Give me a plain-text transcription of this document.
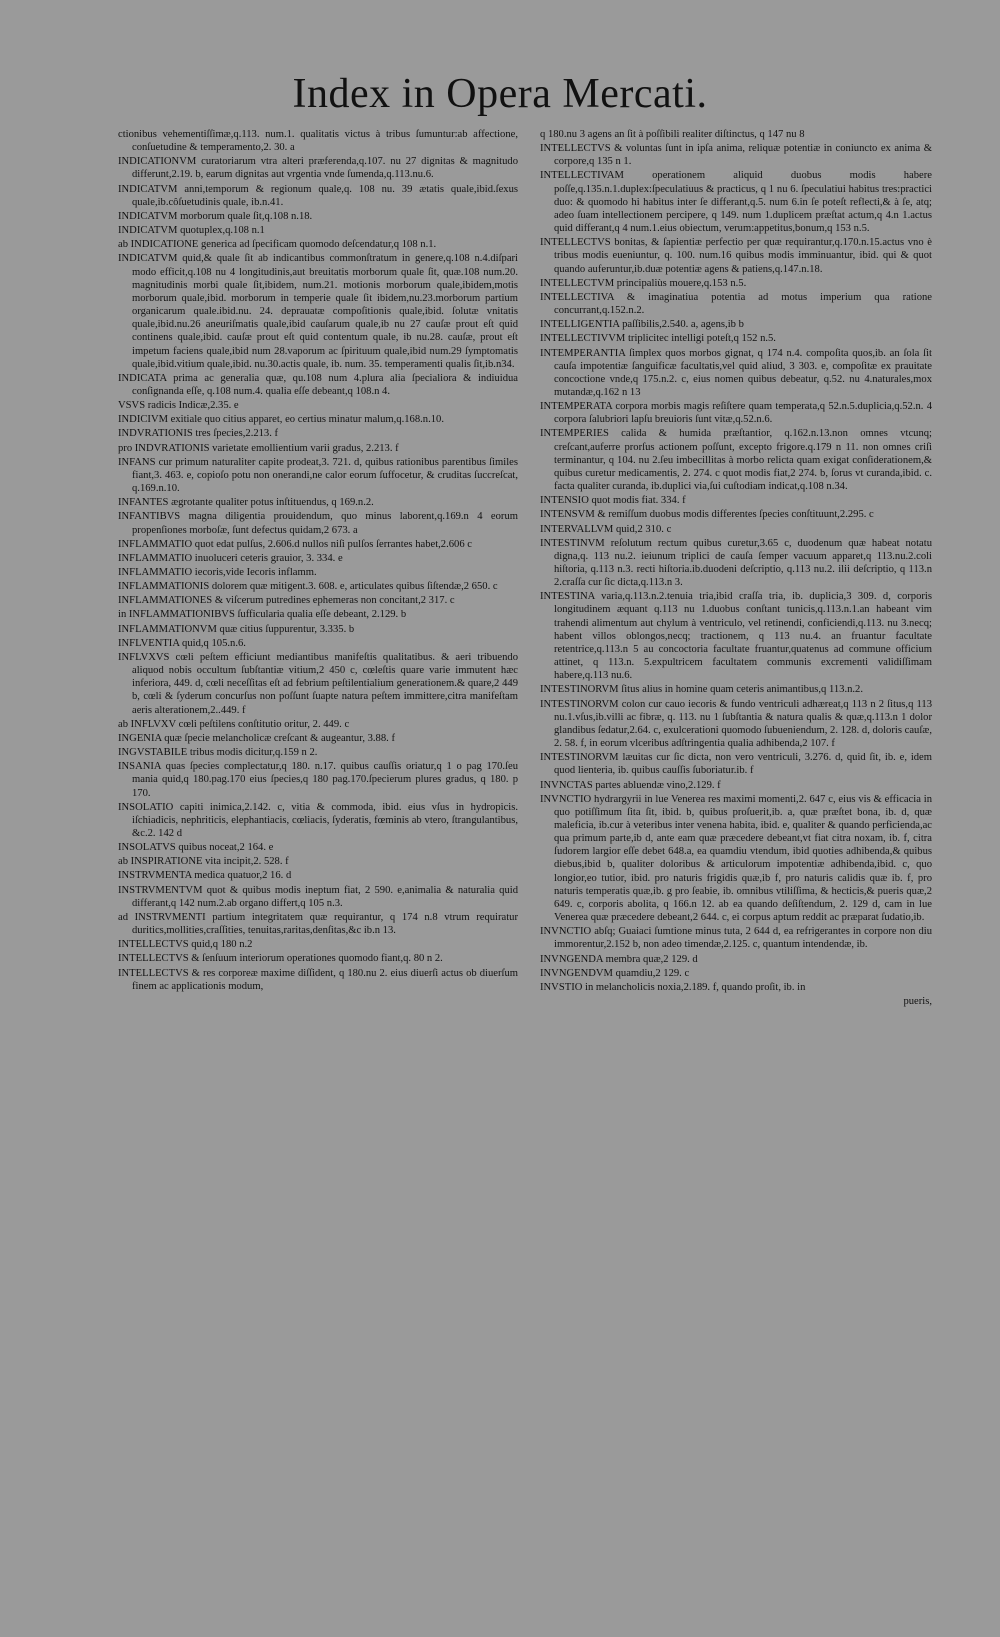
Index in Opera Mercati.
ctionibus vehementiſſimæ,q.113. num.1. qualitatis victus à tribus ſumuntur:ab affectione, conſuetudine & temperamento,2. 30. a
INDICATIONVM curatoriarum vtra alteri præferenda,q.107. nu 27 dignitas & magnitudo differunt,2.19. b, earum dignitas aut vrgentia vnde ſumenda,q.113.nu.6.
INDICATVM anni,temporum & regionum quale,q. 108 nu. 39 ætatis quale,ibid.ſexus quale,ib.côſuetudinis quale, ib.n.41.
INDICATVM morborum quale ſit,q.108 n.18.
INDICATVM quotuplex,q.108 n.1
ab INDICATIONE generica ad ſpecificam quomodo deſcendatur,q 108 n.1.
INDICATVM quid,& quale ſit ab indicantibus commonſtratum in genere,q.108 n.4.diſpari modo efficit,q.108 nu 4 longitudinis,aut breuitatis morborum quale ſit, quæ.108 num.20. magnitudinis morbi quale ſit,ibidem, num.21. motionis morborum quale,ibidem,motis morborum quale,ibid. morborum in temperie quale ſit ibidem,nu.23.morborum partium organicarum quale.ibid.nu. 24. deprauatæ compoſitionis quale,ibid. ſolutæ vnitatis quale,ibid.nu.26 aneuriſmatis quale,ibid cauſarum quale,ib nu 27 cauſæ prout eſt quid continens quale,ibid. cauſæ prout eſt quid contentum quale, ib nu.28. cauſæ, prout eſt impetum faciens quale,ibid num 28.vaporum ac ſpirituum quale,ibid num.29 ſymptomatis quale,ibid.vitium quale,ibid. nu.30.actis quale, ib. num. 35. temperamenti qualis ſit,ib.n34.
INDICATA prima ac generalia quæ, qu.108 num 4.plura alia ſpecialiora & indiuidua conſignanda eſſe, q.108 num.4. qualia eſſe debeant,q 108.n 4.
VSVS radicis Indicæ,2.35. e
INDICIVM exitiale quo citius apparet, eo certius minatur malum,q.168.n.10.
INDVRATIONIS tres ſpecies,2.213. f
pro INDVRATIONIS varietate emollientium varii gradus, 2.213. f
INFANS cur primum naturaliter capite prodeat,3. 721. d, quibus rationibus parentibus ſimiles fiant,3. 463. e, copioſo potu non onerandi,ne calor eorum ſuffocetur, & cruditas ſuccreſcat, q.169.n.10.
INFANTES ægrotante qualiter potus inſtituendus, q 169.n.2.
INFANTIBVS magna diligentia prouidendum, quo minus laborent,q.169.n 4 eorum propenſiones morboſæ, ſunt defectus quidam,2 673. a
INFLAMMATIO quot edat pulſus, 2.606.d nullos niſi pulſos ſerrantes habet,2.606 c
INFLAMMATIO inuoluceri ceteris grauior, 3. 334. e
INFLAMMATIO iecoris,vide Iecoris inflamm.
INFLAMMATIONIS dolorem quæ mitigent.3. 608. e, articulates quibus ſiſtendæ,2 650. c
INFLAMMATIONES & viſcerum putredines ephemeras non concitant,2 317. c
in INFLAMMATIONIBVS ſufficularia qualia eſſe debeant, 2.129. b
INFLAMMATIONVM quæ citius ſuppurentur, 3.335. b
INFLVENTIA quid,q 105.n.6.
INFLVXVS cœli peſtem efficiunt mediantibus manifeſtis qualitatibus. & aeri tribuendo aliquod nobis occultum ſubſtantiæ vitium,2 450 c, cœleſtis quare varie immutent hæc inferiora, 449. d, cœli neceſſitas eſt ad febrium peſtilentialium generationem.& quare,2 449 b, cœli & ſyderum concurſus non poſſunt ſuapte natura peſtem immittere,citra manifeſtam aeris alterationem,2..449. f
ab INFLVXV cœli peſtilens conſtitutio oritur, 2. 449. c
INGENIA quæ ſpecie melancholicæ creſcant & augeantur, 3.88. f
INGVSTABILE tribus modis dicitur,q.159 n 2.
INSANIA quas ſpecies complectatur,q 180. n.17. quibus cauſſis oriatur,q 1 o pag 170.ſeu mania quid,q 180.pag.170 eius ſpecies,q 180 pag.170.ſpecierum plures gradus, q 180. p 170.
INSOLATIO capiti inimica,2.142. c, vitia & commoda, ibid. eius vſus in hydropicis. iſchiadicis, nephriticis, elephantiacis, cœliacis, ſyderatis, fœminis ab vtero, ſtrangulantibus, &c.2. 142 d
INSOLATVS quibus noceat,2 164. e
ab INSPIRATIONE vita incipit,2. 528. f
INSTRVMENTA medica quatuor,2 16. d
INSTRVMENTVM quot & quibus modis ineptum fiat, 2 590. e,animalia & naturalia quid differant,q 142 num.2.ab organo differt,q 105 n.3.
ad INSTRVMENTI partium integritatem quæ requirantur, q 174 n.8 vtrum requiratur duritics,mollities,craſſities, tenuitas,raritas,denſitas,&c ib.n 13.
INTELLECTVS quid,q 180 n.2
INTELLECTVS & ſenſuum interiorum operationes quomodo fiant,q. 80 n 2.
INTELLECTVS & res corporeæ maxime diſſident, q 180.nu 2. eius diuerſi actus ob diuerſum finem ac applicationis modum,
q 180.nu 3 agens an ſit à poſſibili realiter diſtinctus, q 147 nu 8
INTELLECTVS & voluntas ſunt in ipſa anima, reliquæ potentiæ in coniuncto ex anima & corpore,q 135 n 1.
INTELLECTIVAM operationem aliquid duobus modis habere poſſe,q.135.n.1.duplex:ſpeculatiuus & practicus, q 1 nu 6. ſpeculatiui habitus tres:practici duo: & quomodo hi habitus inter ſe differant,q.5. num 6.in ſe poteſt reflecti,& à ſe, atq; adeo ſuam intellectionem percipere, q 149. num 1.duplicem præſtat actum,q 4.n 1.actus quid differant,q 4 num.1.eius obiectum, verum:appetitus,bonum,q 153 n.5.
INTELLECTVS bonitas, & ſapientiæ perfectio per quæ requirantur,q.170.n.15.actus vno è tribus modis eueniuntur, q. 100. num.16 quibus modis imminuantur, ibid. qui & quot quando auferuntur,ib.duæ potentiæ agens & patiens,q.147.n.18.
INTELLECTVM principaliùs mouere,q.153 n.5.
INTELLECTIVA & imaginatiua potentia ad motus imperium qua ratione concurrant,q.152.n.2.
INTELLIGENTIA paſſibilis,2.540. a, agens,ib b
INTELLECTIVVM triplicitec intelligi poteſt,q 152 n.5.
INTEMPERANTIA ſimplex quos morbos gignat, q 174 n.4. compoſita quos,ib. an ſola ſit cauſa impotentiæ ſanguificæ facultatis,vel quid aliud, 3 303. e, compoſitæ ex prauitate concoctione vnde,q 175.n.2. c, eius nomen quibus debeatur, q.52. nu 4.naturales,mox mutandæ,q.162 n 13
INTEMPERATA corpora morbis magis reſiſtere quam temperata,q 52.n.5.duplicia,q.52.n. 4 corpora ſalubriori lapſu breuioris ſunt vitæ,q.52.n.6.
INTEMPERIES calida & humida præſtantior, q.162.n.13.non omnes vtcunq; creſcant,auferre prorſus actionem poſſunt, excepto frigore.q.179 n 11. non omnes criſi terminantur, q 104. nu 2.ſeu imbecillitas à morbo relicta quam exigat conſiderationem,& quibus curetur medicamentis, 2. 274. c quot modis fiat,2 274. b, ſorus vt curanda,ibid. c. facta qualiter curanda, ib.duplici via,ſui cuſtodiam indicat,q.108 n.34.
INTENSIO quot modis fiat. 334. f
INTENSVM & remiſſum duobus modis differentes ſpecies conſtituunt,2.295. c
INTERVALLVM quid,2 310. c
INTESTINVM reſolutum rectum quibus curetur,3.65 c, duodenum quæ habeat notatu digna,q. 113 nu.2. ieiunum triplici de cauſa ſemper vacuum apparet,q 113.nu.2.coli hiſtoria, q.113 n.3. recti hiſtoria.ib.duodeni deſcriptio, q.113 nu.2. ilii deſcriptio, q 113.n 2.craſſa cur ſic dicta,q.113.n 3.
INTESTINA varia,q.113.n.2.tenuia tria,ibid craſſa tria, ib. duplicia,3 309. d, corporis longitudinem æquant q.113 nu 1.duobus conſtant tunicis,q.113.n.1.an habeant vim trahendi alimentum aut chylum à ventriculo, vel retinendi, conficiendi,q.113. nu 3.necq; habent villos oblongos,necq; tractionem, q 113 nu.4. an fruantur facultate retentrice,q.113.n 5 au concoctoria facultate fruantur,quatenus ad commune officium attinet, q 113.n. 5.expultricem facultatem communis excrementi validiſſimam habere,q.113 nu.6.
INTESTINORVM ſitus alius in homine quam ceteris animantibus,q 113.n.2.
INTESTINORVM colon cur cauo iecoris & fundo ventriculi adhæreat,q 113 n 2 ſitus,q 113 nu.1.vſus,ib.villi ac fibræ, q. 113. nu 1 ſubſtantia & natura qualis & quæ,q.113.n 1 dolor glandibus ſedatur,2.64. c, exulcerationi quomodo ſubueniendum, 2. 128. d, doloris cauſæ, 2. 58. f, in eorum vlceribus adſtringentia qualia adhibenda,2 107. f
INTESTINORVM læuitas cur ſic dicta, non vero ventriculi, 3.276. d, quid ſit, ib. e, idem quod lienteria, ib. quibus cauſſis ſuboriatur.ib. f
INVNCTAS partes abluendæ vino,2.129. f
INVNCTIO hydrargyrii in lue Venerea res maximi momenti,2. 647 c, eius vis & efficacia in quo potiſſimum ſita ſit, ibid. b, quibus proſuerit,ib. a, quæ præſtet bona, ib. d, quæ maleficia, ib.cur à veteribus inter venena habita, ibid. e, qualiter & quando perficienda,ac qua primum parte,ib d, ante eam quæ præcedere debeant,vt fiat citra noxam, ib. f, citra ſudorem largior eſſe debet 648.a, ea quamdiu vtendum, ibid quoties adhibenda,& quibus diebus,ibid b, qualiter doloribus & articulorum impotentiæ adhibenda,ibid. c, quo longior,eo tutior, ibid. pro naturis frigidis quæ,ib f, pro naturis calidis quæ ib. f, pro naturis temperatis quæ,ib. g pro ſeabie, ib. omnibus vtiliſſima, & hecticis,& pueris quæ,2 649. c, corporis abolita, q 166.n 12. ab ea quando deſiſtendum, 2. 129 d, cam in lue Venerea quæ præcedere debeant,2 644. c, ei corpus aptum reddit ac præparat ſudatio,ib.
INVNCTIO abſq; Guaiaci ſumtione minus tuta, 2 644 d, ea refrigerantes in corpore non diu immorentur,2.152 b, non adeo timendæ,2.125. c, quantum intendendæ, ib.
INVNGENDA membra quæ,2 129. d
INVNGENDVM quamdiu,2 129. c
INVSTIO in melancholicis noxia,2.189. f, quando proſit, ib. in
pueris,
